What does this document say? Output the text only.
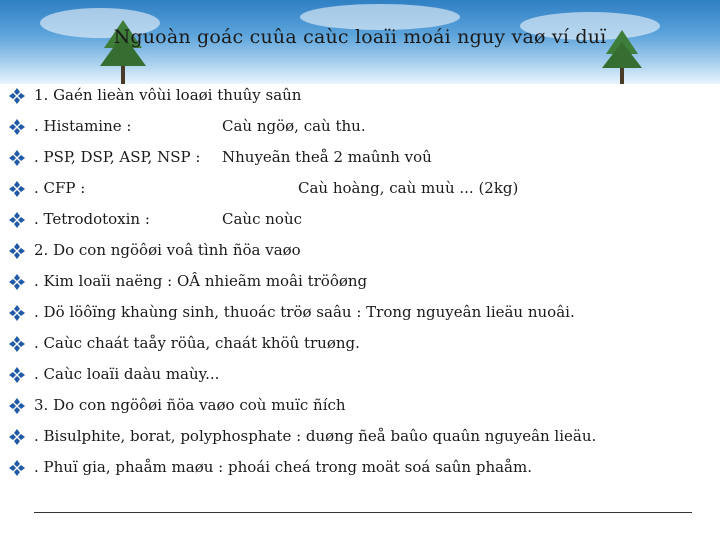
Nguoàn goác cuûa caùc loaïi moái nguy vaø ví duï
1. Gaén lieàn vôùi loaøi thuûy saûn
. Histamine :	Caù ngöø, caù thu.
. PSP, DSP, ASP, NSP : Nhuyeãn theå 2 maûnh voû
. CFP :	Caù hoàng, caù muù ... (2kg)
. Tetrodotoxin :	Caùc noùc
2. Do con ngöôøi voâ tình ñöa vaøo
. Kim loaïi naëng : OÂ nhieãm moâi tröôøng
. Dö löôïng khaùng sinh, thuoác tröø saâu : Trong nguyeân lieäu nuoâi.
. Caùc chaát taåy röûa, chaát khöû truøng.
. Caùc loaïi daàu maùy...
3. Do con ngöôøi ñöa vaøo coù muïc ñích
. Bisulphite, borat, polyphosphate : duøng ñeå baûo quaûn nguyeân lieäu.
. Phuï gia, phaåm maøu : phoái cheá trong moät soá saûn phaåm.
